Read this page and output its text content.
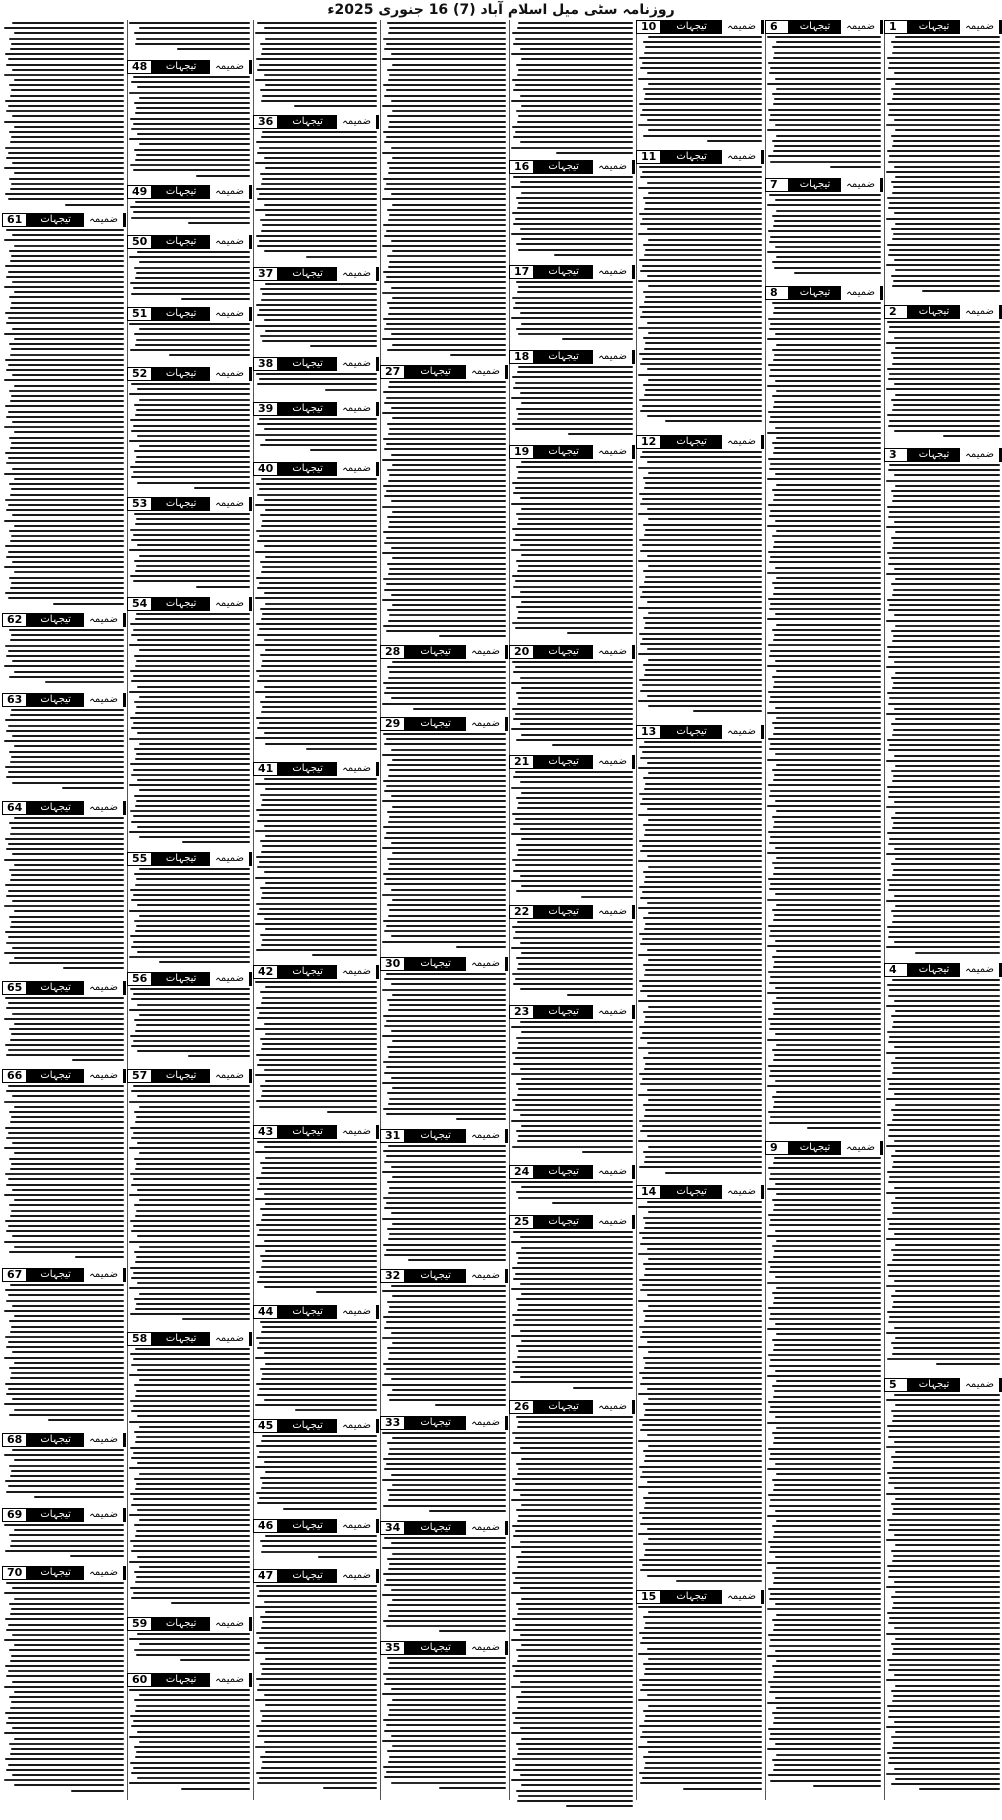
روزنامہ سٹی میل اسلام آباد (7) 16 جنوری 2025ء
1	ضمیمہ
تیجہات
2	ضمیمہ
تیجہات
3	ضمیمہ
تیجہات
4	ضمیمہ
تیجہات
5	ضمیمہ
تیجہات
6	ضمیمہ
تیجہات
7	ضمیمہ
تیجہات
8	ضمیمہ
تیجہات
9	ضمیمہ
تیجہات
10	ضمیمہ
تیجہات
11	ضمیمہ
تیجہات
12	ضمیمہ
تیجہات
13	ضمیمہ
تیجہات
14	ضمیمہ
تیجہات
15	ضمیمہ
تیجہات
16	ضمیمہ
تیجہات
17	ضمیمہ
تیجہات
18	ضمیمہ
تیجہات
19	ضمیمہ
تیجہات
20	ضمیمہ
تیجہات
21	ضمیمہ
تیجہات
22	ضمیمہ
تیجہات
23	ضمیمہ
تیجہات
24	ضمیمہ
تیجہات
25	ضمیمہ
تیجہات
26	ضمیمہ
تیجہات
27	ضمیمہ
تیجہات
28	ضمیمہ
تیجہات
29	ضمیمہ
تیجہات
30	ضمیمہ
تیجہات
31	ضمیمہ
تیجہات
32	ضمیمہ
تیجہات
33	ضمیمہ
تیجہات
34	ضمیمہ
تیجہات
35	ضمیمہ
تیجہات
36	ضمیمہ
تیجہات
37	ضمیمہ
تیجہات
38	ضمیمہ
تیجہات
39	ضمیمہ
تیجہات
40	ضمیمہ
تیجہات
41	ضمیمہ
تیجہات
42	ضمیمہ
تیجہات
43	ضمیمہ
تیجہات
44	ضمیمہ
تیجہات
45	ضمیمہ
تیجہات
46	ضمیمہ
تیجہات
47	ضمیمہ
تیجہات
48	ضمیمہ
تیجہات
49	ضمیمہ
تیجہات
50	ضمیمہ
تیجہات
51	ضمیمہ
تیجہات
52	ضمیمہ
تیجہات
53	ضمیمہ
تیجہات
54	ضمیمہ
تیجہات
55	ضمیمہ
تیجہات
56	ضمیمہ
تیجہات
57	ضمیمہ
تیجہات
58	ضمیمہ
تیجہات
59	ضمیمہ
تیجہات
60	ضمیمہ
تیجہات
61	ضمیمہ
تیجہات
62	ضمیمہ
تیجہات
63	ضمیمہ
تیجہات
64	ضمیمہ
تیجہات
65	ضمیمہ
تیجہات
66	ضمیمہ
تیجہات
67	ضمیمہ
تیجہات
68	ضمیمہ
تیجہات
69	ضمیمہ
تیجہات
70	ضمیمہ
تیجہات
